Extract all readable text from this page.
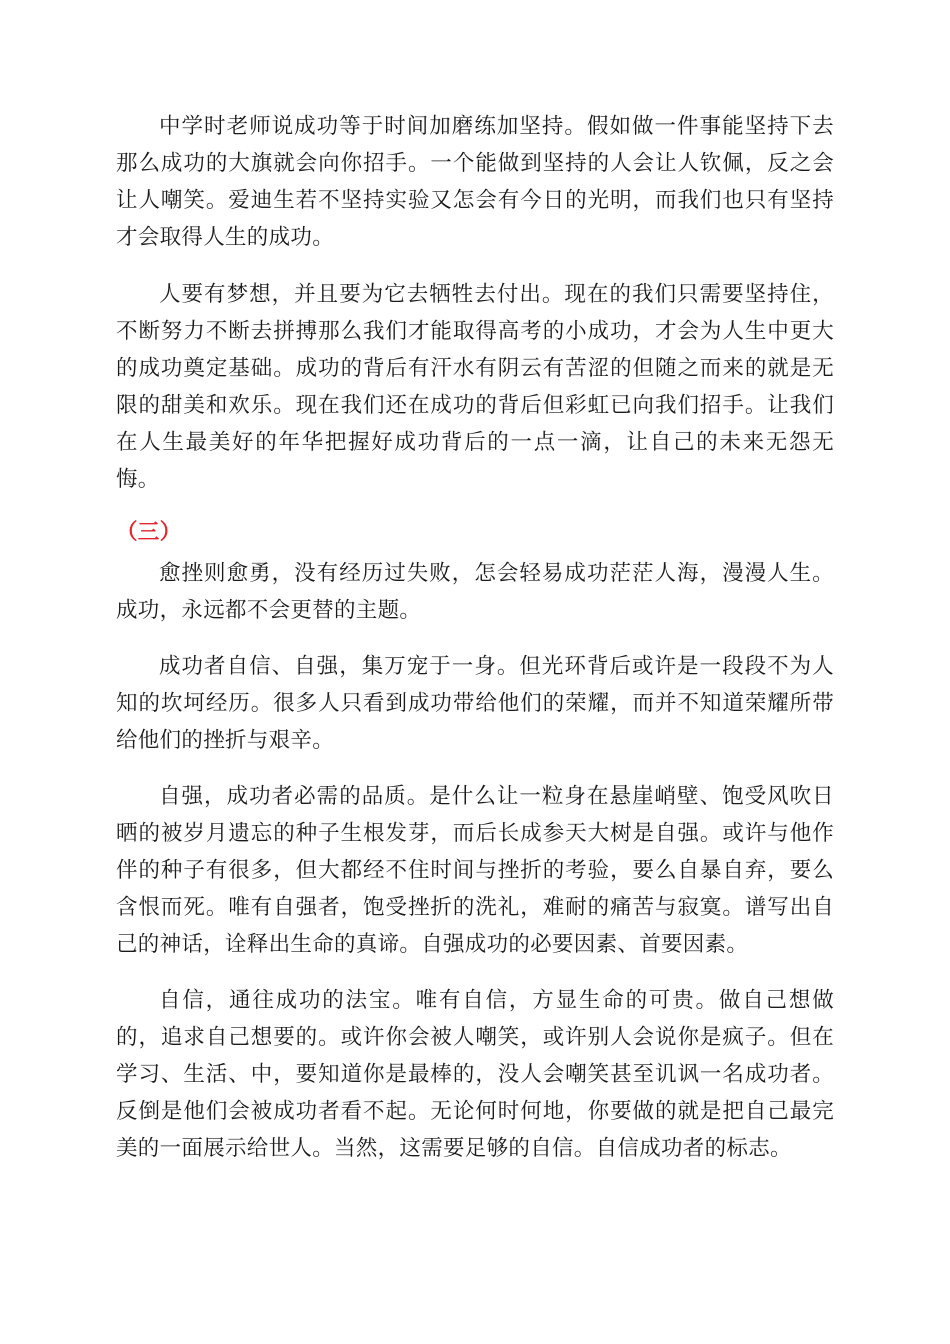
中学时老师说成功等于时间加磨练加坚持。假如做一件事能坚持下去那么成功的大旗就会向你招手。一个能做到坚持的人会让人钦佩，反之会让人嘲笑。爱迪生若不坚持实验又怎会有今日的光明，而我们也只有坚持才会取得人生的成功。

人要有梦想，并且要为它去牺牲去付出。现在的我们只需要坚持住，不断努力不断去拼搏那么我们才能取得高考的小成功，才会为人生中更大的成功奠定基础。成功的背后有汗水有阴云有苦涩的但随之而来的就是无限的甜美和欢乐。现在我们还在成功的背后但彩虹已向我们招手。让我们在人生最美好的年华把握好成功背后的一点一滴，让自己的未来无怨无悔。

（三）

愈挫则愈勇，没有经历过失败，怎会轻易成功茫茫人海，漫漫人生。成功，永远都不会更替的主题。

成功者自信、自强，集万宠于一身。但光环背后或许是一段段不为人知的坎坷经历。很多人只看到成功带给他们的荣耀，而并不知道荣耀所带给他们的挫折与艰辛。

自强，成功者必需的品质。是什么让一粒身在悬崖峭壁、饱受风吹日晒的被岁月遗忘的种子生根发芽，而后长成参天大树是自强。或许与他作伴的种子有很多，但大都经不住时间与挫折的考验，要么自暴自弃，要么含恨而死。唯有自强者，饱受挫折的洗礼，难耐的痛苦与寂寞。谱写出自己的神话，诠释出生命的真谛。自强成功的必要因素、首要因素。

自信，通往成功的法宝。唯有自信，方显生命的可贵。做自己想做的，追求自己想要的。或许你会被人嘲笑，或许别人会说你是疯子。但在学习、生活、中，要知道你是最棒的，没人会嘲笑甚至讥讽一名成功者。反倒是他们会被成功者看不起。无论何时何地，你要做的就是把自己最完美的一面展示给世人。当然，这需要足够的自信。自信成功者的标志。
